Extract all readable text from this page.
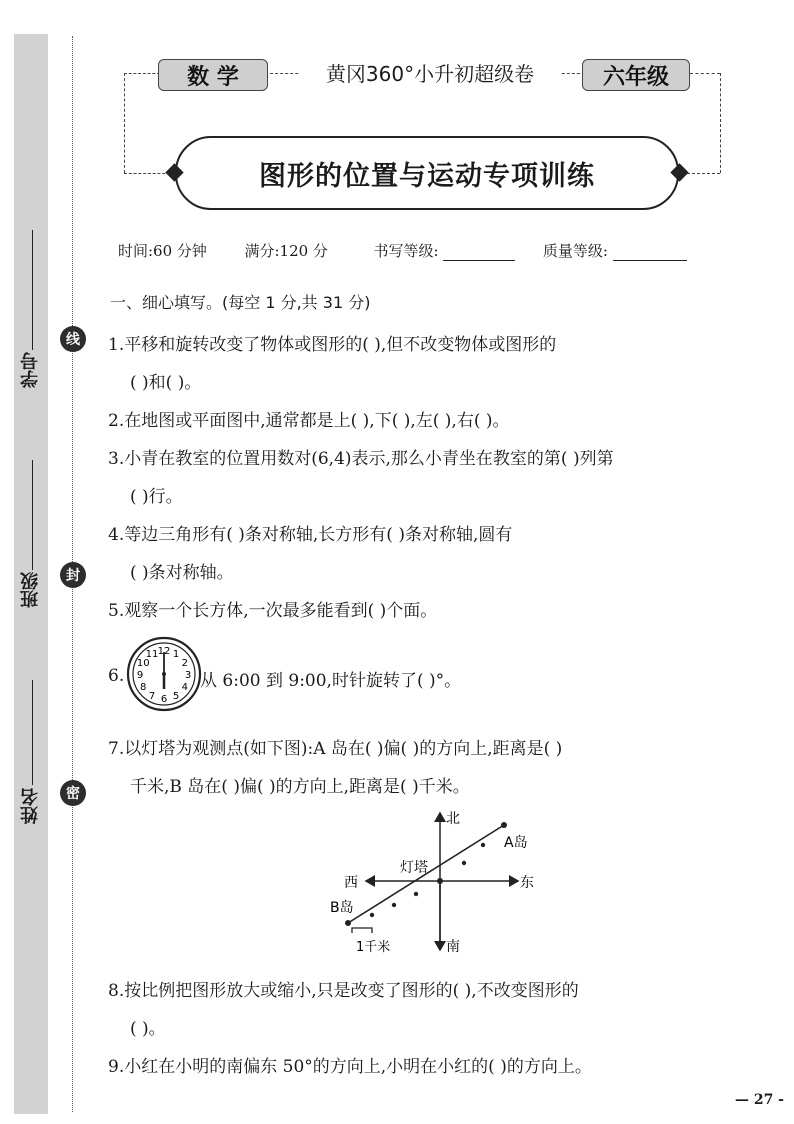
学号
班级
姓名
线
封
密
数 学	黄冈360°小升初超级卷	六年级
图形的位置与运动专项训练
时间:60 分钟	满分:120 分	书写等级:	质量等级:
一、细心填写。(每空 1 分,共 31 分)
1.平移和旋转改变了物体或图形的( ),但不改变物体或图形的
( )和( )。
2.在地图或平面图中,通常都是上( ),下( ),左( ),右( )。
3.小青在教室的位置用数对(6,4)表示,那么小青坐在教室的第( )列第
( )行。
4.等边三角形有( )条对称轴,长方形有( )条对称轴,圆有
( )条对称轴。
5.观察一个长方体,一次最多能看到( )个面。
6.
12 1
2
3
4
5
6
7
8
9
10
11
从 6:00 到 9:00,时针旋转了( )°。
7.以灯塔为观测点(如下图):A 岛在( )偏( )的方向上,距离是( )
千米,B 岛在( )偏( )的方向上,距离是( )千米。
北
南
东
西
灯塔
A岛
B岛
1千米
8.按比例把图形放大或缩小,只是改变了图形的( ),不改变图形的
( )。
9.小红在小明的南偏东 50°的方向上,小明在小红的( )的方向上。
— 27 -
